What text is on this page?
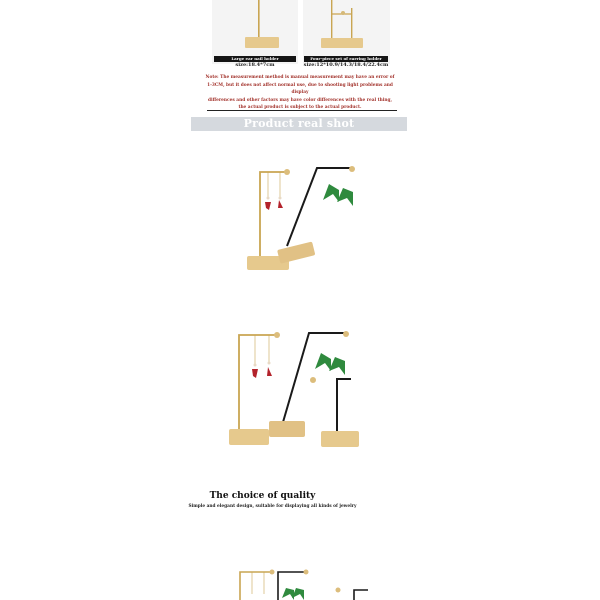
Large ear nail holder	Four-piece set of earring holder
size:18.4*7cm	size:12*10.9/14.3/18.4/22.4cm
Note: The measurement method is manual measurement may have an error of
1-3CM, but it does not affect normal use, due to shooting light problems and display
differences and other factors may have color differences with the real thing,
the actual product is subject to the actual product.
Product real shot
The choice of quality
Simple and elegant design, suitable for displaying all kinds of jewelry
